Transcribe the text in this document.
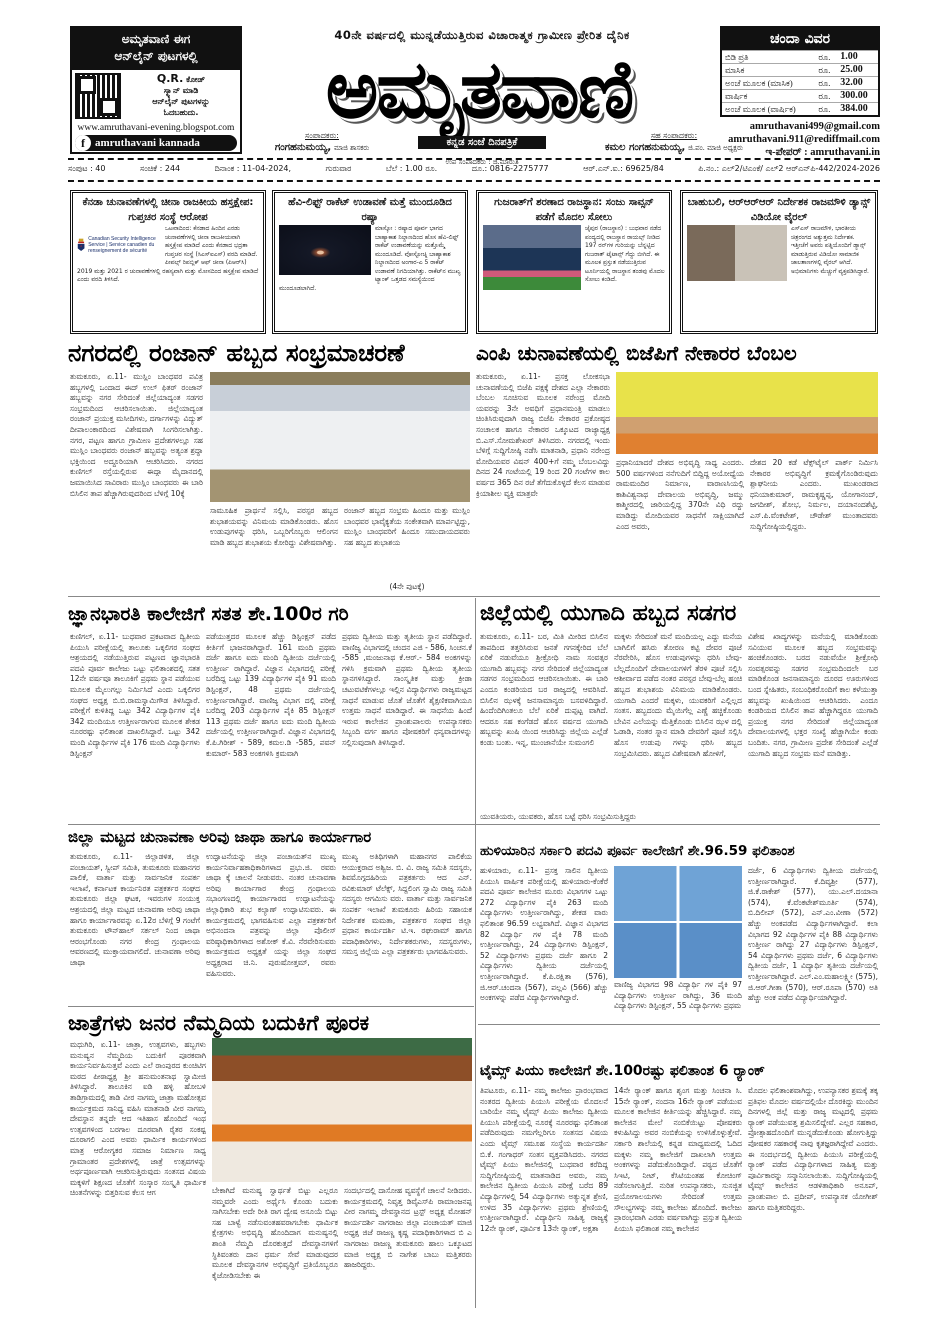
ಅಮೃತವಾಣಿ ಈಗ
ಆನ್‌ಲೈನ್ ಪುಟಗಳಲ್ಲಿ
Q.R. ಕೋಡ್
ಸ್ಕ್ಯಾನ್ ಮಾಡಿ
ಆನ್‌ಲೈನ್ ಪುಟಗಳನ್ನು
ಓದಬಹುದು.
www.amruthavani-evening.blogspot.com
f amruthavani kannada
40ನೇ ವರ್ಷದಲ್ಲಿ ಮುನ್ನಡೆಯುತ್ತಿರುವ ವಿಚಾರಾತ್ಮಕ ಗ್ರಾಮೀಣ ಪ್ರೇರಿತ ದೈನಿಕ
ಅಮೃತವಾಣಿ
ಸಂಪಾದಕರು:
ಗಂಗಹನುಮಯ್ಯ, ಮಾಜಿ ಶಾಸಕರು	ಕನ್ನಡ ಸಂಜೆ ದಿನಪತ್ರಿಕೆ
ಉಪ ಸಂಪಾದಕರು : ಜಿ.ಮಾರುತಿ
ಸಹ ಸಂಪಾದಕರು:
ಕಮಲ ಗಂಗಹನುಮಯ್ಯ, ಜಿ.ಪಂ. ಮಾಜಿ ಅಧ್ಯಕ್ಷರು
ಚಂದಾ ವಿವರ
ಬಿಡಿ ಪ್ರತಿ	ರೂ.	1.00
ಮಾಸಿಕ	ರೂ.	25.00
ಅಂಚೆ ಮೂಲಕ (ಮಾಸಿಕ)	ರೂ.	32.00
ವಾರ್ಷಿಕ	ರೂ.	300.00
ಅಂಚೆ ಮೂಲಕ (ವಾರ್ಷಿಕ)	ರೂ.	384.00
amruthavani499@gmail.com
amruthavani.911@rediffmail.com
ಇ-ಪೇಪರ್ : amruthavani.in
ಸಂಪುಟ : 40	ಸಂಚಿಕೆ : 244	ದಿನಾಂಕ : 11-04-2024,	ಗುರುವಾರ	ಬೆಲೆ : 1.00 ರೂ.	ದೂ.: 0816-2275777	ಆರ್.ಎನ್.ಐ.: 69625/84	ಪಿ.ನಂ.: ಎಲ್2/ಟಿಎಂಕೆ/ ಎಲ್2 ಆರ್‌ಎನ್‌ಪಿ-442/2024-2026
ಕೆನಡಾ ಚುನಾವಣೆಗಳಲ್ಲಿ ಚೀನಾ ರಾಜಕೀಯ ಹಸ್ತಕ್ಷೇಪ: ಗುಪ್ತಚರ ಸಂಸ್ಥೆ ಆರೋಪ
Canadian Security Intelligence Service | Service canadien du renseignement de sécurité
ಒಟವಾದಿಂದ: ಕೆನಡಾದ ಹಿಂದಿನ ಎರಡು ಚುನಾವಣೆಗಳಲ್ಲಿ ಚೀನಾ ರಾಜಕೀಯವಾಗಿ ಹಸ್ತಕ್ಷೇಪ ಮಾಡಿದೆ ಎಂದು ಕೆನಡಾದ ಭದ್ರತಾ ಗುಪ್ತಚರ ಸಂಸ್ಥೆ (ಸಿಎಸ್ಐಎಸ್) ವರದಿ ಮಾಡಿದೆ. ಪೀಪಲ್ಸ್ ರಿಪಬ್ಲಿಕ್ ಆಫ್ ಚೀನಾ (ಪಿಆರ್‌ಸಿ) 2019 ಮತ್ತು 2021 ರ ಚುನಾವಣೆಗಳಲ್ಲಿ ರಹಸ್ಯವಾಗಿ ಮತ್ತು ಮೋಸದಿಂದ ಹಸ್ತಕ್ಷೇಪ ಮಾಡಿದೆ ಎಂದು ವರದಿ ತಿಳಿಸಿದೆ.
ಹೆವಿ-ಲಿಫ್ಟ್ ರಾಕೆಟ್ ಉಡಾವಣೆ ಮತ್ತೆ ಮುಂದೂಡಿದ ರಷ್ಯಾ
ಮಾಸ್ಕೋ : ರಷ್ಯಾದ ಪೂರ್ವ ಭಾಗದ ಬಾಹ್ಯಾಕಾಶ ನಿಲ್ದಾಣದಿಂದ ಹೊಸ ಹೆವಿ-ಲಿಫ್ಟ್ ರಾಕೆಟ್ ಉಡಾವಣೆಯನ್ನು ಮತ್ತೊಮ್ಮೆ ಮುಂದೂಡಿದೆ. ವೋಸ್ಟೋಚ್ನಿ ಬಾಹ್ಯಾಕಾಶ ನಿಲ್ದಾಣದಿಂದ ಅಂಗಾರ-ಎ 5 ರಾಕೆಟ್ ಉಡಾವಣೆ ನಿಗದಿಯಾಗಿತ್ತು. ರಾಕೆಟ್‌ನ ಮುಖ್ಯ ಟ್ಯಾಂಕ್ ಒತ್ತಡದ ಸಮಸ್ಯೆಯಿಂದ ಮುಂದೂಡಲಾಗಿದೆ.
ಗುಜರಾತ್‌ಗೆ ಶರಣಾದ ರಾಜಸ್ಥಾನ: ಸಂಜು ಸಾವ್ಸನ್ ಪಡೆಗೆ ಮೊದಲ ಸೋಲು
ಜೈಪುರ (ರಾಜಸ್ಥಾನ) : ಬುಧವಾರ ನಡೆದ ಪಂದ್ಯದಲ್ಲಿ ರಾಜಸ್ಥಾನ ರಾಯಲ್ಸ್ ನೀಡಿದ 197 ರನ್‌ಗಳ ಗುರಿಯನ್ನು ಬೆನ್ನಟ್ಟಿದ ಗುಜರಾತ್ ಟೈಟಾನ್ಸ್ ಗೆದ್ದು ಬೀಗಿದೆ. ಈ ಮೂಲಕ ಪ್ರಸ್ತುತ ನಡೆಯುತ್ತಿರುವ ಟೂರ್ನಿಯಲ್ಲಿ ರಾಜಸ್ಥಾನ ತಂಡವು ಮೊದಲ ಸೋಲು ಕಂಡಿದೆ.
ಬಾಹುಬಲಿ, ಆರ್‌ಆರ್‌ಆರ್ ನಿರ್ದೇಶಕ ರಾಜಮೌಳಿ ಡ್ಯಾನ್ಸ್ ವಿಡಿಯೋ ವೈರಲ್
ಎಸ್‌ಎಸ್ ರಾಜಮೌಳಿ, ಭಾರತೀಯ ಚಿತ್ರರಂಗದ ಅತ್ಯುತ್ತಮ ನಿರ್ದೇಶಕ. ಇತ್ತೀಚೆಗೆ ಅವರು ಪತ್ನಿಯೊಂದಿಗೆ ಡ್ಯಾನ್ಸ್ ಮಾಡುತ್ತಿರುವ ವಿಡಿಯೋ ಸಾಮಾಜಿಕ ಜಾಲತಾಣಗಳಲ್ಲಿ ವೈರಲ್ ಆಗಿದೆ. ಅಭಿಮಾನಿಗಳು ಮೆಚ್ಚುಗೆ ವ್ಯಕ್ತಪಡಿಸಿದ್ದಾರೆ.
ನಗರದಲ್ಲಿ ರಂಜಾನ್ ಹಬ್ಬದ ಸಂಭ್ರಮಾಚರಣೆ
ತುಮಕೂರು, ಏ.11- ಮುಸ್ಲಿಂ ಬಾಂಧವರ ಪವಿತ್ರ ಹಬ್ಬಗಳಲ್ಲಿ ಒಂದಾದ ಈದ್ ಉಲ್ ಫಿತರ್ ರಂಜಾನ್ ಹಬ್ಬವನ್ನು ನಗರ ಸೇರಿದಂತೆ ಜಿಲ್ಲೆಯಾದ್ಯಂತ ಸಡಗರ ಸಂಭ್ರಮದಿಂದ ಆಚರಿಸಲಾಯಿತು. ಜಿಲ್ಲೆಯಾದ್ಯಂತ ರಂಜಾನ್ ಪ್ರಯುಕ್ತ ಮಸೀದಿಗಳು, ದರ್ಗಾಗಳನ್ನು ವಿದ್ಯುತ್ ದೀಪಾಲಂಕಾರದಿಂದ ವಿಶೇಷವಾಗಿ ಸಿಂಗರಿಸಲಾಗಿತ್ತು. ನಗರ, ಪಟ್ಟಣ ಹಾಗೂ ಗ್ರಾಮೀಣ ಪ್ರದೇಶಗಳಲ್ಲೂ ಸಹ ಮುಸ್ಲಿಂ ಬಾಂಧವರು ರಂಜಾನ್ ಹಬ್ಬವನ್ನು ಅತ್ಯಂತ ಶ್ರದ್ಧಾ ಭಕ್ತಿಯಿಂದ ಅದ್ದೂರಿಯಾಗಿ ಆಚರಿಸಿದರು. ನಗರದ ಕುಣಿಗಲ್ ರಸ್ತೆಯಲ್ಲಿರುವ ಈದ್ಗಾ ಮೈದಾನದಲ್ಲಿ ಜಮಾಯಿಸಿದ ಸಾವಿರಾರು ಮುಸ್ಲಿಂ ಬಾಂಧವರು ಈ ಬಾರಿ ಬಿಸಿಲಿನ ತಾಪ ಹೆಚ್ಚಾಗಿರುವುದರಿಂದ ಬೆಳಿಗ್ಗೆ 10ಕ್ಕೆ
ಸಾಮೂಹಿಕ ಪ್ರಾರ್ಥನೆ ಸಲ್ಲಿಸಿ, ಪರಸ್ಪರ ಹಬ್ಬದ ಶುಭಾಶಯವನ್ನು ವಿನಿಮಯ ಮಾಡಿಕೊಂಡರು. ಹೊಸ ಉಡುಪುಗಳನ್ನು ಧರಿಸಿ, ಒಬ್ಬರಿಗೊಬ್ಬರು ಆಲಿಂಗನ ಮಾಡಿ ಹಬ್ಬದ ಶುಭಾಶಯ ಕೋರಿದ್ದು ವಿಶೇಷವಾಗಿತ್ತು.
ರಂಜಾನ್ ಹಬ್ಬದ ಸಂಭ್ರಮ ಹಿಂದೂ ಮತ್ತು ಮುಸ್ಲಿಂ ಬಾಂಧವರ ಭಾವೈಕ್ಯತೆಯ ಸಂಕೇತವಾಗಿ ಮಾರ್ಪಟ್ಟಿದ್ದು, ಮುಸ್ಲಿಂ ಬಾಂಧವರಿಗೆ ಹಿಂದೂ ಸಮುದಾಯದವರು ಸಹ ಹಬ್ಬದ ಶುಭಾಶಯ
(4ನೇ ಪುಟಕ್ಕೆ)
ಎಂಪಿ ಚುನಾವಣೆಯಲ್ಲಿ ಬಿಜೆಪಿಗೆ ನೇಕಾರರ ಬೆಂಬಲ
ತುಮಕೂರು, ಏ.11- ಪ್ರಸಕ್ತ ಲೋಕಸಭಾ ಚುನಾವಣೆಯಲ್ಲಿ ಬಿಜೆಪಿ ಪಕ್ಷಕ್ಕೆ ದೇಶದ ಎಲ್ಲಾ ನೇಕಾರರು ಬೆಂಬಲ ಸೂಚಿಸುವ ಮೂಲಕ ನರೇಂದ್ರ ಮೋದಿ ಯವರನ್ನು 3ನೇ ಅವಧಿಗೆ ಪ್ರಧಾನಮಂತ್ರಿ ಮಾಡಲು ಚಿಂತಿಸಿರುವುದಾಗಿ ರಾಜ್ಯ ಬಿಜೆಪಿ ನೇಕಾರರ ಪ್ರಕೋಷ್ಠದ ಸಂಚಾಲಕ ಹಾಗೂ ನೇಕಾರರ ಒಕ್ಕೂಟದ ರಾಜ್ಯಾಧ್ಯಕ್ಷ ಬಿ.ಎಸ್.ಸೋಮಶೇಖರ್ ತಿಳಿಸಿದರು. ನಗರದಲ್ಲಿ ಇಂದು ಬೆಳಿಗ್ಗೆ ಸುದ್ದಿಗೋಷ್ಠಿ ನಡೆಸಿ ಮಾತನಾಡಿ, ಪ್ರಧಾನಿ ನರೇಂದ್ರ ಮೋದಿಯವರ ವಿಷನ್ 400+ಗೆ ನಮ್ಮ ಬೆಂಬಲವಿದ್ದು ದಿನದ 24 ಗಂಟೆಯಲ್ಲಿ 19 ರಿಂದ 20 ಗಂಟೆಗಳ ಕಾಲ ವರ್ಷದ 365 ದಿನ ರಜೆ ತೆಗೆದುಕೊಳ್ಳದೆ ಕೆಲಸ ಮಾಡುವ ಕ್ರಿಯಾಶೀಲ ವ್ಯಕ್ತಿ ಮಾತ್ರವೇ
ಪ್ರಧಾನಿಯಾದರೆ ದೇಶದ ಅಭಿವೃದ್ಧಿ ಸಾಧ್ಯ ಎಂದರು. 500 ವರ್ಷಗಳಿಂದ ನನೆಗುದಿಗೆ ಬಿದ್ದಿದ್ದ ಅಯೋಧ್ಯೆಯ ರಾಮಮಂದಿರ ನಿರ್ಮಾಣ, ವಾರಾಣಸಿಯಲ್ಲಿ ಕಾಶಿವಿಶ್ವನಾಥ ದೇವಾಲಯ ಅಭಿವೃದ್ಧಿ, ಜಮ್ಮು ಕಾಶ್ಮೀರದಲ್ಲಿ ಜಾರಿಯಲ್ಲಿದ್ದ 370ನೇ ವಿಧಿ ರದ್ದು ಮಾಡಿದ್ದು ಮೋದಿಯವರ ಸಾಧನೆಗೆ ಸಾಕ್ಷಿಯಾಗಿದೆ ಎಂದ ಅವರು,
ದೇಶದ 20 ಕಡೆ ಟೆಕ್ಸ್‌ಟೈಲ್ ಪಾರ್ಕ್ ನಿರ್ಮಿಸಿ ನೇಕಾರರ ಅಭಿವೃದ್ಧಿಗೆ ಕ್ರಮಕೈಗೊಂಡಿರುವುದು ಶ್ಲಾಘನೀಯ ಎಂದರು. ಮುಖಂಡರಾದ ಧನಿಯಾಕುಮಾರ್, ರಾಮಕೃಷ್ಣಪ್ಪ, ಯೋಗಾನಂದ್, ಜಗದೀಶ್, ಶೋಭ, ನಿರ್ಮಲ, ದಯಾನಂದಶೆಟ್ಟಿ, ಎಸ್.ಪಿ.ವೆಂಕಟೇಶ್, ಚೌಡೇಶ್ ಮುಂತಾದವರು ಸುದ್ದಿಗೋಷ್ಠಿಯಲ್ಲಿದ್ದರು.
ಜ್ಞಾನಭಾರತಿ ಕಾಲೇಜಿಗೆ ಸತತ ಶೇ.100ರ ಗರಿ
ಕುಣಿಗಲ್, ಏ.11- ಬುಧವಾರ ಪ್ರಕಟವಾದ ದ್ವಿತೀಯ ಪಿಯುಸಿ ಪರೀಕ್ಷೆಯಲ್ಲಿ ತಾಲೂಕು ಒಕ್ಕಲಿಗರ ಸಂಘದ ಆಶ್ರಯದಲ್ಲಿ ನಡೆಯುತ್ತಿರುವ ಪಟ್ಟಣದ ಜ್ಞಾನಭಾರತಿ ಪದವಿ ಪೂರ್ವ ಕಾಲೇಜು ಒಟ್ಟು ಫಲಿತಾಂಶದಲ್ಲಿ ಸತತ 12ನೇ ವರ್ಷವೂ ತಾಲೂಕಿಗೆ ಪ್ರಥಮ ಸ್ಥಾನ ಪಡೆಯುವ ಮೂಲಕ ಮೈಲುಗಲ್ಲು ನಿರ್ಮಿಸಿದೆ ಎಂದು ಒಕ್ಕಲಿಗರ ಸಂಘದ ಅಧ್ಯಕ್ಷ ಬಿ.ಬಿ.ರಾಮಸ್ವಾಮಿಗೌಡ ತಿಳಿಸಿದ್ದಾರೆ. ಪರೀಕ್ಷೆಗೆ ಕುಳಿತಿದ್ದ ಒಟ್ಟು 342 ವಿದ್ಯಾರ್ಥಿಗಳ ಪೈಕಿ 342 ಮಂದಿಯೂ ಉತ್ತೀರ್ಣರಾಗುವ ಮೂಲಕ ಶೇಕಡ ನೂರರಷ್ಟು ಫಲಿತಾಂಶ ದಾಖಲಿಸಿದ್ದಾರೆ. ಒಟ್ಟು 342 ಮಂದಿ ವಿದ್ಯಾರ್ಥಿಗಳ ಪೈಕಿ 176 ಮಂದಿ ವಿದ್ಯಾರ್ಥಿಗಳು ಡಿಸ್ಟಿಂಕ್ಷನ್
ಪಡೆಯುತ್ತದರ ಮೂಲಕ ಹೆಚ್ಚು ಡಿಸ್ಟಿಂಕ್ಷನ್ ಪಡೆದ ಕೀರ್ತಿಗೆ ಭಾಜನರಾಗಿದ್ದಾರೆ. 161 ಮಂದಿ ಪ್ರಥಮ ದರ್ಜೆ ಹಾಗೂ ಐದು ಮಂದಿ ದ್ವಿತೀಯ ದರ್ಜೆಯಲ್ಲಿ ಉತ್ತೀರ್ಣ ರಾಗಿದ್ದಾರೆ. ವಿಜ್ಞಾನ ವಿಭಾಗದಲ್ಲಿ ಪರೀಕ್ಷೆ ಬರೆದಿದ್ದ ಒಟ್ಟು 139 ವಿದ್ಯಾರ್ಥಿಗಳ ಪೈಕಿ 91 ಮಂದಿ ಡಿಸ್ಟಿಂಕ್ಷನ್, 48 ಪ್ರಥಮ ದರ್ಜೆಯಲ್ಲಿ ಉತ್ತೀರ್ಣರಾಗಿದ್ದಾರೆ. ವಾಣಿಜ್ಯ ವಿಭಾಗ ದಲ್ಲಿ ಪರೀಕ್ಷೆ ಬರೆದಿದ್ದ 203 ವಿದ್ಯಾರ್ಥಿಗಳ ಪೈಕಿ 85 ಡಿಸ್ಟಿಂಕ್ಷನ್ 113 ಪ್ರಥಮ ದರ್ಜೆ ಹಾಗೂ ಐದು ಮಂದಿ ದ್ವಿತೀಯ ದರ್ಜೆಯಲ್ಲಿ ಉತ್ತೀರ್ಣರಾಗಿದ್ದಾರೆ. ವಿಜ್ಞಾನ ವಿಭಾಗದಲ್ಲಿ ಕೆ.ಪಿ.ಗಿರೀಶ್ - 589, ಕಮಲ.ಡಿ -585, ಪವನ್ ಕುಮಾರ್- 583 ಅಂಕಗಳಿಸಿ ಕ್ರಮವಾಗಿ
ಪ್ರಥಮ ದ್ವಿತೀಯ ಮತ್ತು ತೃತೀಯ ಸ್ಥಾನ ಪಡೆದಿದ್ದಾರೆ. ವಾಣಿಜ್ಯ ವಿಭಾಗದಲ್ಲಿ ಚಂದನ ಎಜಿ - 586, ಸಿಂಚನ.ಕೆ -585 ,ಮಂಜುನಾಥ ಕೆ.ಆರ್.- 584 ಅಂಕಗಳನ್ನು ಗಳಿಸಿ ಕ್ರಮವಾಗಿ ಪ್ರಥಮ ದ್ವಿತೀಯ ತೃತೀಯ ಸ್ಥಾನಗಳಿಸಿದ್ದಾರೆ. ಸಾಂಸ್ಕೃತಿಕ ಮತ್ತು ಕ್ರೀಡಾ ಚಟುವಟಿಕೆಗಳಲ್ಲೂ ಇಲ್ಲಿನ ವಿದ್ಯಾರ್ಥಿಗಳು ರಾಜ್ಯಮಟ್ಟದ ಸಾಧನೆ ಮಾಡುವ ಜೊತೆ ಜೊತೆಗೆ ಶೈಕ್ಷಣಿಕವಾಗಿಯೂ ಉತ್ತಮ ಸಾಧನೆ ಮಾಡಿದ್ದಾರೆ. ಈ ಸಾಧನೆಯ ಹಿಂದೆ ಇರುವ ಕಾಲೇಜಿನ ಪ್ರಾಂಶುಪಾಲರು ಉಪನ್ಯಾಸಕರು ಸಿಬ್ಬಂದಿ ವರ್ಗ ಹಾಗೂ ಪೋಷಕರಿಗೆ ಧನ್ಯವಾದಗಳನ್ನು ಸಲ್ಲಿಸುವುದಾಗಿ ತಿಳಿಸಿದ್ದಾರೆ.
ಜಿಲ್ಲೆಯಲ್ಲಿ ಯುಗಾದಿ ಹಬ್ಬದ ಸಡಗರ
ತುಮಕೂರು, ಏ.11- ಬರ, ಮಿತಿ ಮೀರಿದ ಬಿಸಿಲಿನ ತಾಪದಿಂದ ತತ್ತರಿಸಿರುವ ಜನತೆ ಗಗನಕ್ಕೇರಿದ ಬೆಲೆ ಏರಿಕೆ ನಡುವೆಯೂ ಶ್ರೀಕ್ರೋಧಿ ನಾಮ ಸಂವತ್ಸರ ಯುಗಾದಿ ಹಬ್ಬವನ್ನು ನಗರ ಸೇರಿದಂತೆ ಜಿಲ್ಲೆಯಾದ್ಯಂತ ಸಡಗರ ಸಂಭ್ರಮದಿಂದ ಆಚರಿಸಲಾಯಿತು. ಈ ಬಾರಿ ಎಂದೂ ಕಂಡರಿಯದ ಬರ ರಾಜ್ಯದಲ್ಲಿ ಆವರಿಸಿದೆ. ಬಿಸಿಲಿನ ಝಳಕ್ಕೆ ಜನಸಾಮಾನ್ಯರು ಬಸವಳಿದಿದ್ದಾರೆ. ಹಿಂದೆಂದಿಗಿಂತಲೂ ಬೆಲೆ ಏರಿಕೆ ದುಪ್ಪಟ್ಟ ವಾಗಿದೆ. ಆದರೂ ಸಹ ಕಂಗೆಡದೆ ಹೊಸ ವರ್ಷದ ಯುಗಾದಿ ಹಬ್ಬವನ್ನು ಖುಷಿ ಯಿಂದ ಆಚರಿಸಿದ್ದು ಜಿಲ್ಲೆಯ ಎಲ್ಲೆಡೆ ಕಂಡು ಬಂತು. ಇನ್ನ, ಮುಂಜಾನೆಯೇ ಸುಮಂಗಲಿ
ಮಕ್ಕಳು ಸೇರಿದಂತೆ ಮನೆ ಮಂದಿಯಲ್ಲ ಎದ್ದು ಮನೆಯ ಬಾಗಿಲಿಗೆ ಹಸಿರು ತೋರಣ ಕಟ್ಟಿ ದೇವರ ಪೂಜೆ ನೆರವೇರಿಸಿ, ಹೊಸ ಉಡುಪುಗಳನ್ನು ಧರಿಸಿ ಬೇವು-ಬೆಲ್ಲದೊಂದಿಗೆ ದೇವಾಲಯಗಳಿಗೆ ತೆರಳಿ ಪೂಜೆ ಸಲ್ಲಿಸಿ ಆಶೀರ್ವಾದ ಪಡೆದ ನಂತರ ಪರಸ್ಪರ ಬೇವು-ಬೆಲ್ಲ ಹಂಚಿ ಹಬ್ಬದ ಶುಭಾಶಯ ವಿನಿಮಯ ಮಾಡಿಕೊಂಡರು. ಯುಗಾದಿ ಎಂದರೆ ಮಕ್ಕಳು, ಯುವಕರಿಗೆ ಎಲ್ಲಿಲ್ಲದ ಸಂತಸ. ಹಬ್ಬದಂದು ಮೈಯಿಗೆಲ್ಲ ಎಣ್ಣೆ ಹಚ್ಚಿಕೊಂಡು ಬೇವಿನ ಎಲೆಯನ್ನು ಮೆತ್ತಿಕೊಂಡು ಬಿಸಿಲಿನ ಝಳ ದಲ್ಲಿ ಓಡಾಡಿ, ನಂತರ ಸ್ನಾನ ಮಾಡಿ ದೇವರಿಗೆ ಪೂಜೆ ಸಲ್ಲಿಸಿ ಹೊಸ ಉಡುಪು ಗಳನ್ನು ಧರಿಸಿ ಹಬ್ಬದ ಸಂಭ್ರಮಿಸಿದರು. ಹಬ್ಬದ ವಿಶೇಷವಾಗಿ ಹೋಳಿಗೆ,
ವಿಶೇಷ ಖಾದ್ಯಗಳನ್ನು ಮನೆಯಲ್ಲಿ ಮಾಡಿಕೊಂಡು ಸವಿಯುವ ಮೂಲಕ ಹಬ್ಬದ ಸಂಭ್ರಮವನ್ನು ಹಂಚಿಕೊಂಡರು. ಬರದ ನಡುವೆಯೇ ಶ್ರೀಕ್ರೋಧಿ ಸಂವತ್ಸರವನ್ನು ಸಡಗರ ಸಂಭ್ರಮದಿಂದಲೇ ಬರ ಮಾಡಿಕೊಂಡ ಜನಸಾಮಾನ್ಯರು ದೂರದ ಊರುಗಳಿಂದ ಬಂದ ಸ್ನೇಹಿತರು, ಸಂಬಂಧಿಕರೊಂದಿಗೆ ಕಾಲ ಕಳೆಯುತ್ತಾ ಹಬ್ಬವನ್ನು ಖುಷಿಯಿಂದ ಆಚರಿಸಿದರು. ಎಂದೂ ಕಂಡರಿಯದ ಬಿಸಿಲಿನ ತಾಪ ಹೆಚ್ಚಾಗಿದ್ದರೂ ಯುಗಾದಿ ಪ್ರಯುಕ್ತ ನಗರ ಸೇರಿದಂತೆ ಜಿಲ್ಲೆಯಾದ್ಯಂತ ದೇವಾಲಯಗಳಲ್ಲಿ ಭಕ್ತರ ಸಂಖ್ಯೆ ಹೆಚ್ಚಾಗಿಯೇ ಕಂಡು ಬಂದಿತು. ನಗರ, ಗ್ರಾಮೀಣ ಪ್ರದೇಶ ಸೇರಿದಂತೆ ಎಲ್ಲೆಡೆ ಯುಗಾದಿ ಹಬ್ಬದ ಸಂಭ್ರಮ ಮನೆ ಮಾಡಿತ್ತು.
ಯುವತಿಯರು, ಯುವಕರು, ಹೊಸ ಬಟ್ಟೆ ಧರಿಸಿ ಸಂಭ್ರಮಿಸುತ್ತಿದ್ದರು
ಜಿಲ್ಲಾ ಮಟ್ಟದ ಚುನಾವಣಾ ಅರಿವು ಜಾಥಾ ಹಾಗೂ ಕಾರ್ಯಾಗಾರ
ತುಮಕೂರು, ಏ.11- ಜಿಲ್ಲಾಡಳಿತ, ಜಿಲ್ಲಾ ಪಂಚಾಯತ್, ಸ್ವೀಪ್ ಸಮಿತಿ, ತುಮಕೂರು ಮಹಾನಗರ ಪಾಲಿಕೆ, ವಾರ್ತಾ ಮತ್ತು ಸಾರ್ವಜನಿಕ ಸಂಪರ್ಕ ಇಲಾಖೆ, ಕರ್ನಾಟಕ ಕಾರ್ಯನಿರತ ಪತ್ರಕರ್ತರ ಸಂಘದ ತುಮಕೂರು ಜಿಲ್ಲಾ ಘಟಕ, ಇವರುಗಳ ಸಂಯುಕ್ತ ಆಶ್ರಯದಲ್ಲಿ ಜಿಲ್ಲಾ ಮಟ್ಟದ ಚುನಾವಣಾ ಅರಿವು ಜಾಥಾ ಹಾಗೂ ಕಾರ್ಯಾಗಾರವನ್ನು ಏ.12ರ ಬೆಳಿಗ್ಗೆ 9 ಗಂಟೆಗೆ ತುಮಕೂರು ಟೌನ್‌ಹಾಲ್ ಸರ್ಕಲ್ ನಿಂದ ಜಾಥಾ ಆರಂಭಗೊಂಡು ನಗರ ಕೇಂದ್ರ ಗ್ರಂಥಾಲಯ ಆವರಣದಲ್ಲಿ ಮುಕ್ತಾಯವಾಗಲಿದೆ. ಚುನಾವಣಾ ಅರಿವು ಜಾಥಾ
ಉದ್ಘಾಟನೆಯನ್ನು ಜಿಲ್ಲಾ ಪಂಚಾಯತ್‌ನ ಮುಖ್ಯ ಕಾರ್ಯನಿರ್ವಾಹಕಾಧಿಕಾರಿಗಳಾದ ಪ್ರಭು.ಜಿ. ರವರು ಜಾಥಾ ಕ್ಕೆ ಚಾಲನೆ ನೀಡುವರು. ನಂತರ ಚುನಾವಣಾ ಅರಿವು ಕಾರ್ಯಾಗಾರ ಕೇಂದ್ರ ಗ್ರಂಥಾಲಯ ಸಭಾಂಗಣದಲ್ಲಿ ಕಾರ್ಯಾಗಾರದ ಉದ್ಘಾಟನೆಯನ್ನು ಜಿಲ್ಲಾಧಿಕಾರಿ ಶುಭ ಕಲ್ಯಾಣ್ ಉದ್ಘಾಟಿಸುವರು. ಈ ಕಾರ್ಯಕ್ರಮದಲ್ಲಿ ಭಾಗವಹಿಸುವ ಎಲ್ಲಾ ಪತ್ರಕರ್ತರಿಗೆ ಅಭಿನಂದನಾ ಪತ್ರವನ್ನು ಜಿಲ್ಲಾ ಪೊಲೀಸ್ ವರಿಷ್ಠಾಧಿಕಾರಿಗಳಾದ ಅಶೋಕ್ ಕೆ.ವಿ. ನೆರವೇರಿಸುವರು ಕಾರ್ಯಕ್ರಮದ ಅಧ್ಯಕ್ಷತೆ ಯನ್ನು ಜಿಲ್ಲಾ ಸಂಘದ ಅಧ್ಯಕ್ಷರಾದ ಚಿ.ನಿ. ಪುರುಷೋತ್ತಮ್, ರವರು ವಹಿಸುವರು.
ಮುಖ್ಯ ಅತಿಥಿಗಳಾಗಿ ಮಹಾನಗರ ಪಾಲಿಕೆಯ ಆಯುಕ್ತರಾದ ಅಶ್ವಿಜ. ಬಿ. ವಿ. ರಾಜ್ಯ ಸಮಿತಿ ಸದಸ್ಯರು, ಶಿವಮೊಗ್ಗದಹಿರಿಯ ಪತ್ರಕರ್ತರು ಆದ ಎನ್. ರವಿಕುಮಾರ್ ಟೆಲೆಕ್ಸ್, ಸಿದ್ದಲಿಂಗ ಸ್ವಾಮಿ ರಾಜ್ಯ ಸಮಿತಿ ಸದಸ್ಯರು ಆಗಮಿಸು ವರು. ವಾರ್ತಾ ಮತ್ತು ಸಾರ್ವಜನಿಕ ಸಂಪರ್ಕ ಇಲಾಖೆ ತುಮಕೂರು ಹಿರಿಯ ಸಹಾಯಕ ನಿರ್ದೇಶಕ ಮಮತಾ, ಪತ್ರಕರ್ತರ ಸಂಘದ ಜಿಲ್ಲಾ ಪ್ರಧಾನ ಕಾರ್ಯದರ್ಶಿ ಟಿ.ಇ. ರಘುರಾಮ್ ಹಾಗೂ ಪದಾಧಿಕಾರಿಗಳು, ನಿರ್ದೇಶಕರುಗಳು, ಸದಸ್ಯರುಗಳು, ಸಮಸ್ತ ಜಿಲ್ಲೆಯ ಎಲ್ಲಾ ಪತ್ರಕರ್ತರು ಭಾಗವಹಿಸುವರು.
ಹುಳಿಯಾರಿನ ಸರ್ಕಾರಿ ಪದವಿ ಪೂರ್ವ ಕಾಲೇಜಿಗೆ ಶೇ.96.59 ಫಲಿತಾಂಶ
ಹುಳಿಯಾರು, ಏ.11- ಪ್ರಸಕ್ತ ಸಾಲಿನ ದ್ವಿತೀಯ ಪಿಯುಸಿ ವಾರ್ಷಿಕ ಪರೀಕ್ಷೆಯಲ್ಲಿ ಹುಳಿಯಾರು-ಕೆಂಕೆರೆ ಪದವಿ ಪೂರ್ವ ಕಾಲೇಜಿನ ಮೂರು ವಿಭಾಗಗಳ ಒಟ್ಟು 272 ವಿದ್ಯಾರ್ಥಿಗಳ ಪೈಕಿ 263 ಮಂದಿ ವಿದ್ಯಾರ್ಥಿಗಳು ಉತ್ತೀರ್ಣರಾಗಿದ್ದು, ಶೇಕಡ ವಾರು ಫಲಿತಾಂಶ 96.59 ಲಭ್ಯವಾಗಿದೆ. ವಿಜ್ಞಾನ ವಿಭಾಗದ 82 ವಿದ್ಯಾರ್ಥಿ ಗಳ ಪೈಕಿ 78 ಮಂದಿ ಉತ್ತೀರ್ಣರಾಗಿದ್ದು, 24 ವಿದ್ಯಾರ್ಥಿಗಳು ಡಿಸ್ಟಿಂಕ್ಷನ್, 52 ವಿದ್ಯಾರ್ಥಿಗಳು ಪ್ರಥಮ ದರ್ಜೆ ಹಾಗೂ 2 ವಿದ್ಯಾರ್ಥಿಗಳು ದ್ವಿತೀಯ ದರ್ಜೆಯಲ್ಲಿ ಉತ್ತೀರ್ಣರಾಗಿದ್ದಾರೆ. ಕೆ.ಪಿ.ರಕ್ಷಿತಾ (576), ಜಿ.ಆರ್.ಚಂದನಾ (567), ಪಲ್ಲವಿ (566) ಹೆಚ್ಚು ಅಂಕಗಳನ್ನು ಪಡೆದ ವಿದ್ಯಾರ್ಥಿಗಳಾಗಿದ್ದಾರೆ.
ವಾಣಿಜ್ಯ ವಿಭಾಗದ 98 ವಿದ್ಯಾರ್ಥಿ ಗಳ ಪೈಕಿ 97 ವಿದ್ಯಾರ್ಥಿಗಳು ಉತ್ತೀರ್ಣ ರಾಗಿದ್ದು, 36 ಮಂದಿ ವಿದ್ಯಾರ್ಥಿಗಳು ಡಿಸ್ಟಿಂಕ್ಷನ್, 55 ವಿದ್ಯಾರ್ಥಿಗಳು ಪ್ರಥಮ
ದರ್ಜೆ, 6 ವಿದ್ಯಾರ್ಥಿಗಳು ದ್ವಿತೀಯ ದರ್ಜೆಯಲ್ಲಿ ಉತ್ತೀರ್ಣರಾಗಿದ್ದಾರೆ. ಕೆ.ದಿವ್ಯಶ್ರೀ (577), ಜಿ.ಕೆ.ರಾಕೇಶ್ (577), ಯು.ಎಲ್.ದಯಾನಾ (574), ಕೆ.ವೆಂಕಟೇಶ್‌ಮೂರ್ತಿ (574), ಬಿ.ದಿಲೀಪ್ (572), ಎನ್.ಎಂ.ವೀಣಾ (572) ಹೆಚ್ಚು ಅಂಕಪಡೆದ ವಿದ್ಯಾರ್ಥಿಗಳಾಗಿದ್ದಾರೆ. ಕಲಾ ವಿಭಾಗದ 92 ವಿದ್ಯಾರ್ಥಿಗಳ ಪೈಕಿ 88 ವಿದ್ಯಾರ್ಥಿಗಳು ಉತ್ತೀರ್ಣ ರಾಗಿದ್ದು 27 ವಿದ್ಯಾರ್ಥಿಗಳು ಡಿಸ್ಟಿಂಕ್ಷನ್, 54 ವಿದ್ಯಾರ್ಥಿಗಳು ಪ್ರಥಮ ದರ್ಜೆ, 6 ವಿದ್ಯಾರ್ಥಿಗಳು ದ್ವಿತೀಯ ದರ್ಜೆ, 1 ವಿದ್ಯಾರ್ಥಿ ತೃತೀಯ ದರ್ಜೆಯಲ್ಲಿ ಉತ್ತೀರ್ಣರಾಗಿದ್ದಾರೆ. ಎಲ್.ಎಂ.ಮಹಾಲಕ್ಷ್ಮೀ (575), ಜಿ.ಆರ್.ಗೀತಾ (570), ಆರ್.ರೂಪಾ (570) ಅತಿ ಹೆಚ್ಚು ಅಂಕ ಪಡೆದ ವಿದ್ಯಾರ್ಥಿಯಾಗಿದ್ದಾರೆ.
ಜಾತ್ರೆಗಳು ಜನರ ನೆಮ್ಮದಿಯ ಬದುಕಿಗೆ ಪೂರಕ
ಮಧುಗಿರಿ, ಏ.11- ಜಾತ್ರಾ, ಉತ್ಸವಗಳು, ಹಬ್ಬಗಳು ಮನುಷ್ಯನ ನೆಮ್ಮದಿಯ ಬದುಕಿಗೆ ಪೂರಕವಾಗಿ ಕಾರ್ಯನಿರ್ವಹಿಸುತ್ತವೆ ಎಂದು ಎಲೆ ರಾಂಪುರದ ಕುಂಚಿಟಿಗ ಮಠದ ಪೀಠಾಧ್ಯಕ್ಷ ಶ್ರೀ ಹನುಮಂತನಾಥ ಸ್ವಾಮೀಜಿ ತಿಳಿಸಿದ್ದಾರೆ. ತಾಲೂಕಿನ ಐಡಿ ಹಳ್ಳಿ ಹೋಬಳಿ ತಾಡಿಗ್ರಾಮದಲ್ಲಿ ತಾಡಿ ವೀರ ನಾಗಮ್ಮ ಜಾತ್ರಾ ಮಹೋತ್ಸವ ಕಾರ್ಯಕ್ರಮದ ಸಾನಿಧ್ಯ ವಹಿಸಿ ಮಾತನಾಡಿ ವೀರ ನಾಗಮ್ಮ ದೇವಸ್ಥಾನ ತನ್ನದೇ ಆದ ಇತಿಹಾಸ ಹೊಂದಿದೆ ಇಂಥ ಉತ್ಸವಗಳಿಂದ ಬರಗಾಲ ದೂರವಾಗಿ ರೈತರ ಸಂಕಷ್ಟ ದೂರಾಗಲಿ ಎಂದ ಅವರು ಧಾರ್ಮಿಕ ಕಾರ್ಯಗಳಿಂದ ಮಾತ್ರ ಆರೋಗ್ಯಕರ ಸಮಾಜ ನಿರ್ಮಾಣ ಸಾಧ್ಯ ಗ್ರಾಮಾಂತರ ಪ್ರದೇಶಗಳಲ್ಲಿ ಜಾತ್ರೆ ಉತ್ಸವಗಳನ್ನು ಅರ್ಥಪೂರ್ಣವಾಗಿ ಆಚರಿಸುತ್ತಿರುವುದು ಸಂತಸದ ವಿಷಯ ಮಕ್ಕಳಿಗೆ ಶಿಕ್ಷಣದ ಜೊತೆಗೆ ಸಂಸ್ಕಾರ ಸಂಸ್ಕೃತಿ ಧಾರ್ಮಿಕ ಚಿಂತನೆಗಳನ್ನು ಬಿತ್ತರಿಸುವ ಕೆಲಸ ಆಗ	ಬೇಕಾಗಿದೆ ಮನುಷ್ಯ ಸ್ವಾರ್ಥತೆ ಬಿಟ್ಟು ಎಲ್ಲರೂ ನಮ್ಮವರೇ ಎಂದು ಅರ್ಥೈಸಿ ಕೊಂಡು ಬದುಕು ಸಾಗಿಸಬೇಕು ಅದೇ ರೀತಿ ರಾಗ ದ್ವೇಷ ಅಸೂಯೆ ಬಿಟ್ಟು ಸಹ ಬಾಳ್ವೆ ನಡೆಸುವಂತಹವರಾಗಬೇಕು ಧಾರ್ಮಿಕ ಕ್ಷೇತ್ರಗಳು ಅಭಿವೃದ್ಧಿ ಹೊಂದಿದಾಗ ಮನುಷ್ಯನಲ್ಲಿ ಶಾಂತಿ ನೆಮ್ಮದಿ ದೊರಕುತ್ತದೆ ದೇವಸ್ಥಾನಗಳಿಗೆ ಸ್ಥಿತಿವಂತರು ದಾನ ಧರ್ಮ ಸೇವೆ ಮಾಡುವುದರ ಮೂಲಕ ದೇವಸ್ಥಾನಗಳ ಅಭಿವೃದ್ಧಿಗೆ ಪ್ರತಿಯೊಬ್ಬರೂ ಕೈಜೋಡಿಸಬೇಕು ಈ
ಸಂದರ್ಭದಲ್ಲಿ ದಾಸೋಹ ವ್ಯವಸ್ಥೆಗೆ ಚಾಲನೆ ನೀಡಿದರು. ಕಾರ್ಯಕ್ರಮದಲ್ಲಿ ನಿವೃತ್ತ ಡಿವೈಎಸ್‌ಪಿ ರಾಮಾಂಜನಪ್ಪ ವೀರ ನಾಗಮ್ಮ ದೇವಸ್ಥಾನದ ಟ್ರಸ್ಟ್ ಅಧ್ಯಕ್ಷ ಮೋಹನ್ ಕಾರ್ಯದರ್ಶಿ ನಾಗರಾಜು ಜಿಲ್ಲಾ ಪಂಚಾಯತ್ ಮಾಜಿ ಅಧ್ಯಕ್ಷ ಜಿಜೆ ರಾಜಣ್ಣ ಕೃಷ್ಣ ಪದಾಧಿಕಾರಿಗಳಾದ ಬಿ ಎ ನಾಗರಾಜು ರಾಜಣ್ಣ ತುಮಕೂರು ಹಾಲು ಒಕ್ಕೂಟದ ಮಾಜಿ ಅಧ್ಯಕ್ಷ ಬಿ ನಾಗೇಶ ಬಾಬು ಮತ್ತಿತರರು ಹಾಜರಿದ್ದರು.
ಟೈಮ್ಸ್ ಪಿಯು ಕಾಲೇಜಿಗೆ ಶೇ.100ರಷ್ಟು ಫಲಿತಾಂಶ 6 ರ್‍ಯಾಂಕ್
ತಿಪಟೂರು, ಏ.11- ನಮ್ಮ ಕಾಲೇಜು ಪ್ರಾರಂಭವಾದ ನಂತರದ ದ್ವಿತೀಯ ಪಿಯುಸಿ ಪರೀಕ್ಷೆಯ ಮೊದಲನೆ ಬಾರಿಯೇ ನಮ್ಮ ಟೈಮ್ಸ್ ಪಿಯು ಕಾಲೇಜು ದ್ವಿತೀಯ ಪಿಯುಸಿ ಪರೀಕ್ಷೆಯಲ್ಲಿ ನೂರಕ್ಕೆ ನೂರರಷ್ಟು ಫಲಿತಾಂಶ ಪಡೆದಿರುವುದು ನಮಗೆಲ್ಲರಿಗೂ ಸಂತಸದ ವಿಷಯ ಎಂದು ಟೈಮ್ಸ್ ಸಮೂಹ ಸಂಸ್ಥೆಯ ಕಾರ್ಯದರ್ಶಿ ಬಿ.ಕೆ. ಗಂಗಾಧರ್ ಸಂತಸ ವ್ಯಕ್ತಪಡಿಸಿದರು. ನಗರದ ಟೈಮ್ಸ್ ಪಿಯು ಕಾಲೇಜಿನಲ್ಲಿ ಬುಧವಾರ ಕರೆದಿದ್ದ ಸುದ್ದಿಗೋಷ್ಠಿಯಲ್ಲಿ ಮಾತನಾಡಿದ ಅವರು, ನಮ್ಮ ಕಾಲೇಜಿನ ದ್ವಿತೀಯ ಪಿಯುಸಿ ಪರೀಕ್ಷೆ ಬರೆದ 89 ವಿದ್ಯಾರ್ಥಿಗಳಲ್ಲಿ 54 ವಿದ್ಯಾರ್ಥಿಗಳು ಅತ್ಯುನ್ನತ ಶ್ರೇಣಿ, ಉಳಿದ 35 ವಿದ್ಯಾರ್ಥಿಗಳು ಪ್ರಥಮ ಶ್ರೇಣಿಯಲ್ಲಿ ಉತ್ತೀರ್ಣರಾಗಿದ್ದಾರೆ. ವಿದ್ಯಾರ್ಥಿನಿ ಸಾಹಿತ್ಯ ರಾಜ್ಯಕ್ಕೆ 12ನೇ ರ್‍ಯಾಂಕ್, ಪೂರ್ವಿಕ 13ನೇ ರ್‍ಯಾಂಕ್, ಅಕ್ಷತಾ
14ನೇ ರ್‍ಯಾಂಕ್ ಹಾಗೂ ಶೃಂಗ ಮತ್ತು ಸಿಂಚನಾ ಸಿ. 15ನೇ ರ್‍ಯಾಂಕ್, ನಂದನಾ 16ನೇ ರ್‍ಯಾಂಕ್ ಪಡೆಯುವ ಮೂಲಕ ಕಾಲೇಜಿನ ಕೀರ್ತಿಯನ್ನು ಹೆಚ್ಚಿಸಿದ್ದಾರೆ. ನಮ್ಮ ಕಾಲೇಜಿನ ಮೇಲೆ ನಂಬಿಕೆಯಿಟ್ಟು ಪೋಷಕರು ಕಳುಹಿಸಿದ್ದು ಅವರ ನಂಬಿಕೆಯನ್ನು ಉಳಿಸಿಕೊಳ್ಳುತ್ತೇವೆ. ಸರ್ಕಾರಿ ಶಾಲೆಯಲ್ಲಿ ಕನ್ನಡ ಮಾಧ್ಯಮದಲ್ಲಿ ಓದಿದ ಮಕ್ಕಳು ನಮ್ಮ ಕಾಲೇಜಿಗೆ ದಾಖಲಾಗಿ ಉತ್ತಮ ಅಂಕಗಳನ್ನು ಪಡೆದುಕೊಂಡಿದ್ದಾರೆ. ಪಠ್ಯದ ಜೊತೆಗೆ ಸಿಇಟಿ, ನೀಟ್, ಕೆಸಿಟಿಯಂತಹ ಕೋಚಿಂಗ್ ನಡೆಸಲಾಗುತ್ತಿದೆ. ನುರಿತ ಉಪನ್ಯಾಸಕರು, ಸುಸಜ್ಜಿತ ಪ್ರಯೋಗಾಲಯಗಳು ಸೇರಿದಂತೆ ಉತ್ತಮ ಸೌಲಭ್ಯಗಳನ್ನು ನಮ್ಮ ಕಾಲೇಜು ಹೊಂದಿದೆ. ಕಾಲೇಜು ಪ್ರಾರಂಭವಾಗಿ ಎರಡು ವರ್ಷವಾಗಿದ್ದು ಪ್ರಸ್ತುತ ದ್ವಿತೀಯ ಪಿಯುಸಿ ಫಲಿತಾಂಶ ನಮ್ಮ ಕಾಲೇಜಿನ
ಮೊದಲ ಫಲಿತಾಂಶವಾಗಿದ್ದು, ಉಪನ್ಯಾಸಕರ ಶ್ರಮಕ್ಕೆ ತಕ್ಕ ಪ್ರತಿಫಲ ಮೊದಲ ವರ್ಷದಲ್ಲಿಯೇ ದೊರಕಿದ್ದು ಮುಂದಿನ ದಿನಗಳಲ್ಲಿ ಜಿಲ್ಲೆ ಮತ್ತು ರಾಜ್ಯ ಮಟ್ಟದಲ್ಲಿ ಪ್ರಥಮ ರ್‍ಯಾಂಕ್ ಪಡೆಯುವತ್ತ ಶ್ರಮಿಸಲಿದ್ದೇವೆ. ಎಲ್ಲರ ಸಹಕಾರ, ಪ್ರೋತ್ಸಾಹದೊಂದಿಗೆ ಮುನ್ನಡೆದುಕೊಂಡು ಹೋಗುತ್ತಿದ್ದು ಪೋಷಕರ ಸಹಕಾರಕ್ಕೆ ನಾವು ಕೃತಜ್ಞರಾಗಿದ್ದೇವೆ ಎಂದರು. ಈ ಸಂದರ್ಭದಲ್ಲಿ ದ್ವಿತೀಯ ಪಿಯುಸಿ ಪರೀಕ್ಷೆಯಲ್ಲಿ ರ್‍ಯಾಂಕ್ ಪಡೆದ ವಿದ್ಯಾರ್ಥಿಗಳಾದ ಸಾಹಿತ್ಯ ಮತ್ತು ಪೂರ್ವಿಕಾರನ್ನು ಸನ್ಮಾನಿಸಲಾಯಿತು. ಸುದ್ದಿಗೋಷ್ಠಿಯಲ್ಲಿ ಟೈಮ್ಸ್ ಕಾಲೇಜಿನ ಆಡಳಿತಾಧಿಕಾರಿ ಅನೂಪ್, ಪ್ರಾಂಶುಪಾಲ ಬಿ. ಪ್ರದೀಪ್, ಉಪನ್ಯಾಸಕ ಯೋಗೀಶ್ ಹಾಗೂ ಮತ್ತಿತರರಿದ್ದರು.
